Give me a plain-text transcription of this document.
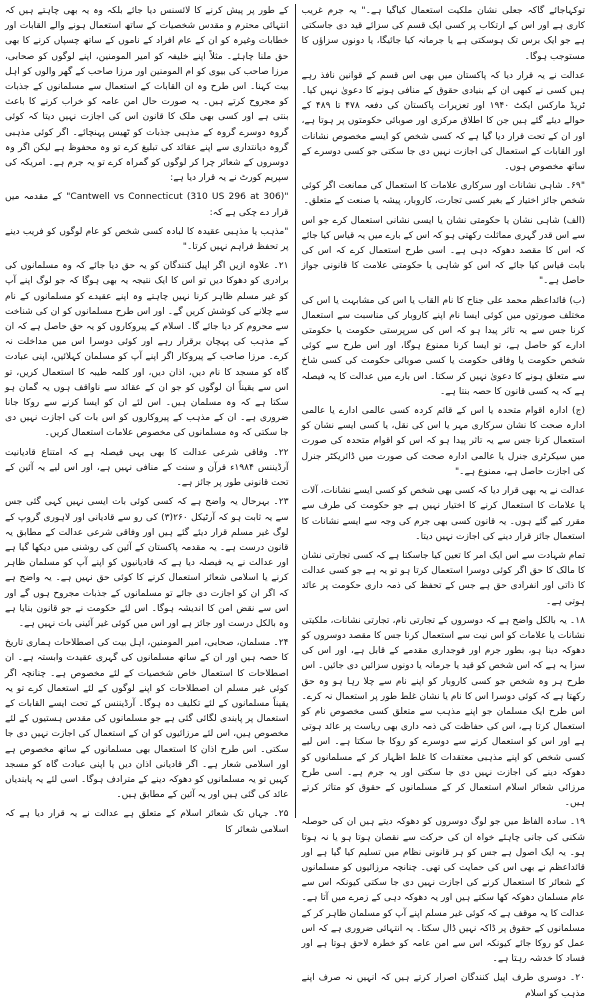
توکہاجائے گاکہ جعلی نشان ملکیت استعمال کیاگیا ہے۔" یہ جرم غریب کاری ہے اور اس کے ارتکاب پر کسی ایک قسم کی سزائے قید دی جاسکتی ہے جو ایک برس تک ہوسکتی ہے یا جرمانہ کیا جائیگا، یا دونوں سزاؤں کا مستوجب ہوگا۔

عدالت نے یہ قرار دیا کہ پاکستان میں بھی اس قسم کے قوانین نافذ رہے ہیں کسی نے کبھی ان کے بنیادی حقوق کے منافی ہونے کا دعویٰ نہیں کیا۔ ٹریڈ مارکس ایکٹ ۱۹۴۰ اور تعزیرات پاکستان کی دفعہ ۴۷۸ تا ۴۸۹ کے حوالے دیئے گئے ہیں جن کا اطلاق مرکزی اور صوبائی حکومتوں پر ہوتا ہے، اور ان کے تحت قرار دیا گیا ہے کہ کسی شخص کو ایسے مخصوص نشانات اور القابات کے استعمال کی اجازت نہیں دی جا سکتی جو کسی دوسرے کے ساتھ مخصوص ہوں۔

"۶۹۔ شاہی نشانات اور سرکاری علامات کا استعمال کی ممانعت اگر کوئی شخص جائز اختیار کے بغیر کسی تجارت، کاروبار، پیشہ یا صنعت کے متعلق۔

(الف) شاہی نشان یا حکومتی نشان یا ایسی نشانی استعمال کرے جو اس سے اس قدر گہری مماثلت رکھتی ہو کہ اس کے بارے میں یہ قیاس کیا جائے کہ اس کا مقصد دھوکہ دہی ہے۔ اسی طرح استعمال کرے کہ اس کی بابت قیاس کیا جائے کہ اس کو شاہی یا حکومتی علامت کا قانونی جواز حاصل ہے۔"

(ب) قائداعظم محمد علی جناح کا نام القاب یا اس کی مشابہت یا اس کی مختلف صورتوں میں کوئی ایسا نام اپنے کاروبار کی مناسبت سے استعمال کرنا جس سے یہ تاثر پیدا ہو کہ اس کی سرپرستی حکومت یا حکومتی ادارے کو حاصل ہے، تو ایسا کرنا ممنوع ہوگا، اور اس طرح سے کوئی شخص حکومت یا وفاقی حکومت یا کسی صوبائی حکومت کی کسی شاخ سے متعلق ہونے کا دعویٰ نہیں کر سکتا۔ اس بارے میں عدالت کا یہ فیصلہ ہے کہ یہ کسی قانون کا حصہ بنتا ہے۔

(ج) ادارہ اقوام متحدہ یا اس کے قائم کردہ کسی عالمی ادارے یا عالمی ادارہ صحت کا نشان سرکاری مہر یا اس کی نقل، یا کسی ایسے نشان کو استعمال کرنا جس سے یہ تاثر پیدا ہو کہ اس کو اقوام متحدہ کی صورت میں سیکرٹری جنرل یا عالمی ادارہ صحت کی صورت میں ڈائریکٹر جنرل کی اجازت حاصل ہے، ممنوع ہے۔"

عدالت نے یہ بھی قرار دیا کہ کسی بھی شخص کو کسی ایسے نشانات، آلات یا علامات کا استعمال کرنے کا اختیار نہیں ہے جو حکومت کی طرف سے مقرر کیے گئے ہوں۔ یہ قانون کسی بھی جرم کی وجہ سے ایسے نشانات کا استعمال جائز قرار دینے کی اجازت نہیں دیتا۔

تمام شہادت سے اس ایک امر کا تعین کیا جاسکتا ہے کہ کسی تجارتی نشان کا مالک کا حق اگر کوئی دوسرا استعمال کرتا ہو تو یہ ہے جو کسی عدالت کا ذاتی اور انفرادی حق ہے جس کے تحفظ کی ذمہ داری حکومت پر عائد ہوتی ہے۔

۱۸۔ یہ بالکل واضح ہے کہ دوسروں کے تجارتی نام، تجارتی نشانات، ملکیتی نشانات یا علامات کو اس نیت سے استعمال کرنا جس کا مقصد دوسروں کو دھوکہ دینا ہو، بطور جرم اور فوجداری مقدمے کے قابل ہے، اور اس کی سزا یہ ہے کہ اس شخص کو قید یا جرمانہ یا دونوں سزائیں دی جائیں۔ اس طرح ہر وہ شخص جو کسی کاروبار کو اپنے نام سے چلا رہا ہو وہ حق رکھتا ہے کہ کوئی دوسرا اس کا نام یا نشان غلط طور پر استعمال نہ کرے۔ اس طرح ایک مسلمان جو اپنے مذہب سے متعلق کسی مخصوص نام کو استعمال کرتا ہے، اس کی حفاظت کی ذمہ داری بھی ریاست پر عائد ہوتی ہے اور اس کو استعمال کرنے سے دوسرے کو روکا جا سکتا ہے۔ اس لیے کسی شخص کو اپنے مذہبی معتقدات کا غلط اظہار کر کے مسلمانوں کو دھوکہ دینے کی اجازت نہیں دی جا سکتی اور یہ جرم ہے۔ اسی طرح مرزائی شعائر اسلام استعمال کر کے مسلمانوں کے حقوق کو متاثر کرتے ہیں۔

۱۹۔ سادہ الفاظ میں جو لوگ دوسروں کو دھوکہ دیتے ہیں ان کی حوصلہ شکنی کی جانی چاہئے خواہ ان کی حرکت سے نقصان ہوتا ہو یا نہ ہوتا ہو۔ یہ ایک اصول ہے جس کو ہر قانونی نظام میں تسلیم کیا گیا ہے اور قائداعظم نے بھی اس کی حمایت کی تھی۔ چنانچہ مرزائیوں کو مسلمانوں کے شعائر کا استعمال کرنے کی اجازت نہیں دی جا سکتی کیونکہ اس سے عام مسلمان دھوکہ کھا سکتے ہیں اور یہ دھوکہ دہی کے زمرے میں آتا ہے۔ عدالت کا یہ موقف ہے کہ کوئی غیر مسلم اپنے آپ کو مسلمان ظاہر کر کے مسلمانوں کے حقوق پر ڈاکہ نہیں ڈال سکتا۔ یہ انتہائی ضروری ہے کہ اس عمل کو روکا جائے کیونکہ اس سے امن عامہ کو خطرہ لاحق ہوتا ہے اور فساد کا خدشہ رہتا ہے۔

۲۰۔ دوسری طرف اپیل کنندگان اصرار کرتے ہیں کہ انہیں نہ صرف اپنے مذہب کو اسلام

کے طور پر پیش کرنے کا لائسنس دیا جائے بلکہ وہ یہ بھی چاہتے ہیں کہ انتہائی محترم و مقدس شخصیات کے ساتھ استعمال ہونے والے القابات اور خطابات وغیرہ کو ان کے عام افراد کے ناموں کے ساتھ چسپاں کرنے کا بھی حق ملنا چاہئے۔ مثلاً اپنے خلیفہ کو امیر المومنین، اپنے لوگوں کو صحابی، مرزا صاحب کی بیوی کو ام المومنین اور مرزا صاحب کے گھر والوں کو اہل بیت کہنا۔ اس طرح وہ ان القابات کے استعمال سے مسلمانوں کے جذبات کو مجروح کرتے ہیں۔ یہ صورت حال امن عامہ کو خراب کرنے کا باعث بنتی ہے اور کسی بھی ملک کا قانون اس کی اجازت نہیں دیتا کہ کوئی گروہ دوسرے گروہ کے مذہبی جذبات کو ٹھیس پہنچائے۔ اگر کوئی مذہبی گروہ دیانتداری سے اپنے عقائد کی تبلیغ کرے تو وہ محفوظ ہے لیکن اگر وہ دوسروں کے شعائر چرا کر لوگوں کو گمراہ کرے تو یہ جرم ہے۔ امریکہ کی سپریم کورٹ نے یہ قرار دیا ہے:

"Cantwell vs Connecticut (310 US 296 at 306)" کے مقدمہ میں قرار دے چکی ہے کہ:

"مذہب یا مذہبی عقیدہ کا لبادہ کسی شخص کو عام لوگوں کو فریب دینے پر تحفظ فراہم نہیں کرتا۔"

۲۱۔ علاوہ ازیں اگر اپیل کنندگان کو یہ حق دیا جائے کہ وہ مسلمانوں کی برادری کو دھوکا دیں تو اس کا ایک نتیجہ یہ بھی ہوگا کہ جو لوگ اپنے آپ کو غیر مسلم ظاہر کرنا نہیں چاہتے وہ اپنے عقیدے کو مسلمانوں کے نام سے چلانے کی کوشش کریں گے۔ اور اس طرح مسلمانوں کو ان کی شناخت سے محروم کر دیا جائے گا۔ اسلام کے پیروکاروں کو یہ حق حاصل ہے کہ ان کے مذہب کی پہچان برقرار رہے اور کوئی دوسرا اس میں مداخلت نہ کرے۔ مرزا صاحب کے پیروکار اگر اپنے آپ کو مسلمان کہلائیں، اپنی عبادت گاہ کو مسجد کا نام دیں، اذان دیں، اور کلمہ طیبہ کا استعمال کریں، تو اس سے یقیناً ان لوگوں کو جو ان کے عقائد سے ناواقف ہوں یہ گمان ہو سکتا ہے کہ وہ مسلمان ہیں۔ اس لئے ان کو ایسا کرنے سے روکا جانا ضروری ہے۔ ان کے مذہب کے پیروکاروں کو اس بات کی اجازت نہیں دی جا سکتی کہ وہ مسلمانوں کی مخصوص علامات استعمال کریں۔

۲۲۔ وفاقی شرعی عدالت کا بھی یہی فیصلہ ہے کہ امتناع قادیانیت آرڈیننس ۱۹۸۴ء قرآن و سنت کے منافی نہیں ہے، اور اس لیے یہ آئین کے تحت قانونی طور پر جائز ہے۔

۲۳۔ بہرحال یہ واضح ہے کہ کسی کوئی بات ایسی نہیں کہی گئی جس سے یہ ثابت ہو کہ آرٹیکل ۲۶۰(۳) کی رو سے قادیانی اور لاہوری گروپ کے لوگ غیر مسلم قرار دیئے گئے ہیں اور وفاقی شرعی عدالت کے مطابق یہ قانون درست ہے۔ یہ مقدمہ پاکستان کے آئین کی روشنی میں دیکھا گیا ہے اور عدالت نے یہ فیصلہ دیا ہے کہ قادیانیوں کو اپنے آپ کو مسلمان ظاہر کرنے یا اسلامی شعائر استعمال کرنے کا کوئی حق نہیں ہے۔ یہ واضح ہے کہ اگر ان کو اجازت دی جائے تو مسلمانوں کے جذبات مجروح ہوں گے اور اس سے نقض امن کا اندیشہ ہوگا۔ اس لئے حکومت نے جو قانون بنایا ہے وہ بالکل درست اور جائز ہے اور اس میں کوئی غیر آئینی بات نہیں ہے۔

۲۴۔ مسلمان، صحابی، امیر المومنین، اہل بیت کی اصطلاحات ہماری تاریخ کا حصہ ہیں اور ان کے ساتھ مسلمانوں کی گہری عقیدت وابستہ ہے۔ ان اصطلاحات کا استعمال خاص شخصیات کے لئے مخصوص ہے۔ چنانچہ اگر کوئی غیر مسلم ان اصطلاحات کو اپنے لوگوں کے لئے استعمال کرے تو یہ یقیناً مسلمانوں کے لئے تکلیف دہ ہوگا۔ آرڈیننس کے تحت ایسے القابات کے استعمال پر پابندی لگائی گئی ہے جو مسلمانوں کی مقدس ہستیوں کے لئے مخصوص ہیں، اس لئے مرزائیوں کو ان کے استعمال کی اجازت نہیں دی جا سکتی۔ اس طرح اذان کا استعمال بھی مسلمانوں کے ساتھ مخصوص ہے اور اسلامی شعار ہے۔ اگر قادیانی اذان دیں یا اپنی عبادت گاہ کو مسجد کہیں تو یہ مسلمانوں کو دھوکہ دینے کے مترادف ہوگا۔ اسی لئے یہ پابندیاں عائد کی گئی ہیں اور یہ آئین کے مطابق ہیں۔

۲۵۔ جہاں تک شعائر اسلام کے متعلق ہے عدالت نے یہ قرار دیا ہے کہ اسلامی شعائر کا
